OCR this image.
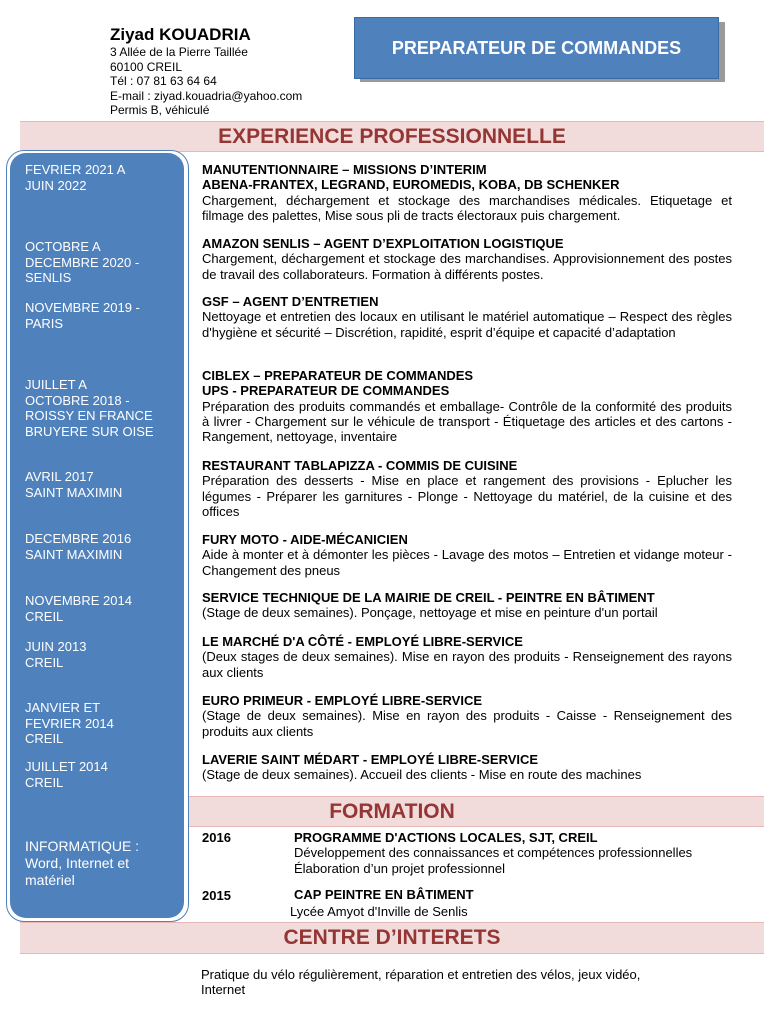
Ziyad KOUADRIA
3 Allée de la Pierre Taillée
60100 CREIL
Tél : 07 81 63 64 64
E-mail : ziyad.kouadria@yahoo.com
Permis B, véhiculé
PREPARATEUR DE COMMANDES
EXPERIENCE PROFESSIONNELLE
FORMATION
CENTRE D’INTERETS
FEVRIER 2021 A
JUIN 2022
OCTOBRE A
DECEMBRE 2020 -
SENLIS
NOVEMBRE 2019 -
PARIS
JUILLET A
OCTOBRE 2018 -
ROISSY EN FRANCE
BRUYERE SUR OISE
AVRIL 2017
SAINT MAXIMIN
DECEMBRE 2016
SAINT MAXIMIN
NOVEMBRE 2014
CREIL
JUIN 2013
CREIL
JANVIER ET
FEVRIER 2014
CREIL
JUILLET 2014
CREIL
INFORMATIQUE :
Word, Internet et
matériel
MANUTENTIONNAIRE – MISSIONS D’INTERIM
ABENA-FRANTEX, LEGRAND, EUROMEDIS, KOBA, DB SCHENKER
Chargement, déchargement et stockage des marchandises médicales. Etiquetage et filmage des palettes, Mise sous pli de tracts électoraux puis chargement.
AMAZON SENLIS – AGENT D’EXPLOITATION LOGISTIQUE
Chargement, déchargement et stockage des marchandises. Approvisionnement des postes de travail des collaborateurs. Formation à différents postes.
GSF – AGENT D’ENTRETIEN
Nettoyage et entretien des locaux en utilisant le matériel automatique – Respect des règles d'hygiène et sécurité – Discrétion, rapidité, esprit d’équipe et capacité d’adaptation
CIBLEX – PREPARATEUR DE COMMANDES
UPS - PREPARATEUR DE COMMANDES
Préparation des produits commandés et emballage- Contrôle de la conformité des produits à livrer - Chargement sur le véhicule de transport - Étiquetage des articles et des cartons - Rangement, nettoyage, inventaire
RESTAURANT TABLAPIZZA - COMMIS DE CUISINE
Préparation des desserts - Mise en place et rangement des provisions - Eplucher les légumes - Préparer les garnitures - Plonge - Nettoyage du matériel, de la cuisine et des offices
FURY MOTO - AIDE-MÉCANICIEN
Aide à monter et à démonter les pièces - Lavage des motos – Entretien et vidange moteur - Changement des pneus
SERVICE TECHNIQUE DE LA MAIRIE DE CREIL - PEINTRE EN BÂTIMENT
(Stage de deux semaines). Ponçage, nettoyage et mise en peinture d'un portail
LE MARCHÉ D'A CÔTÉ - EMPLOYÉ LIBRE-SERVICE
(Deux stages de deux semaines). Mise en rayon des produits - Renseignement des rayons aux clients
EURO PRIMEUR - EMPLOYÉ LIBRE-SERVICE
(Stage de deux semaines). Mise en rayon des produits - Caisse - Renseignement des produits aux clients
LAVERIE SAINT MÉDART - EMPLOYÉ LIBRE-SERVICE
(Stage de deux semaines). Accueil des clients - Mise en route des machines
2016	PROGRAMME D'ACTIONS LOCALES, SJT, CREIL
Développement des connaissances et compétences professionnelles
Élaboration d’un projet professionnel
2015	CAP PEINTRE EN BÂTIMENT
Lycée Amyot d'Inville de Senlis
Pratique du vélo régulièrement, réparation et entretien des vélos, jeux vidéo,
Internet
